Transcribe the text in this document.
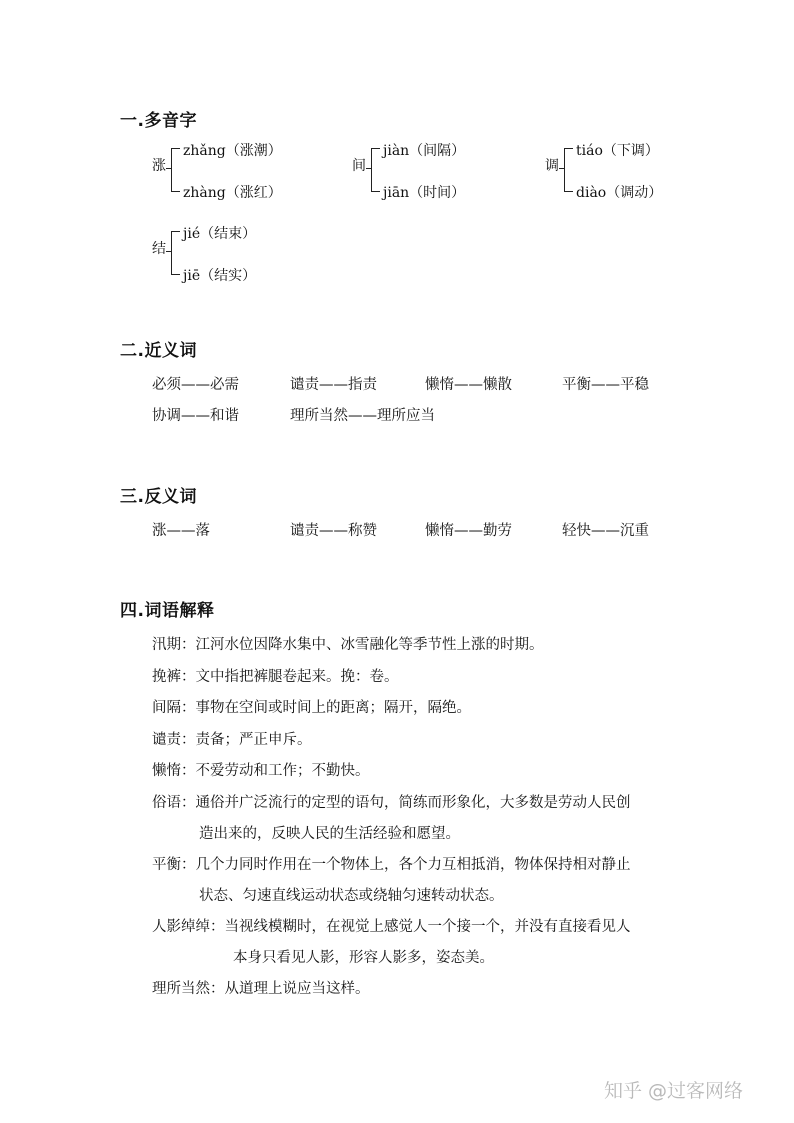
一.多音字
涨
zhǎng（涨潮）
zhàng（涨红）
间
jiàn（间隔）
jiān（时间）
调
tiáo（下调）
diào（调动）
结
jié（结束）
jiē（结实）
二.近义词
必须——必需	谴责——指责	懒惰——懒散	平衡——平稳
协调——和谐	理所当然——理所应当
三.反义词
涨——落	谴责——称赞	懒惰——勤劳	轻快——沉重
四.词语解释
汛期：江河水位因降水集中、冰雪融化等季节性上涨的时期。
挽裤：文中指把裤腿卷起来。挽：卷。
间隔：事物在空间或时间上的距离；隔开，隔绝。
谴责：责备；严正申斥。
懒惰：不爱劳动和工作；不勤快。
俗语：通俗并广泛流行的定型的语句，简练而形象化，大多数是劳动人民创
造出来的，反映人民的生活经验和愿望。
平衡：几个力同时作用在一个物体上，各个力互相抵消，物体保持相对静止
状态、匀速直线运动状态或绕轴匀速转动状态。
人影绰绰：当视线模糊时，在视觉上感觉人一个接一个，并没有直接看见人
本身只看见人影，形容人影多，姿态美。
理所当然：从道理上说应当这样。
知乎 @过客网络
